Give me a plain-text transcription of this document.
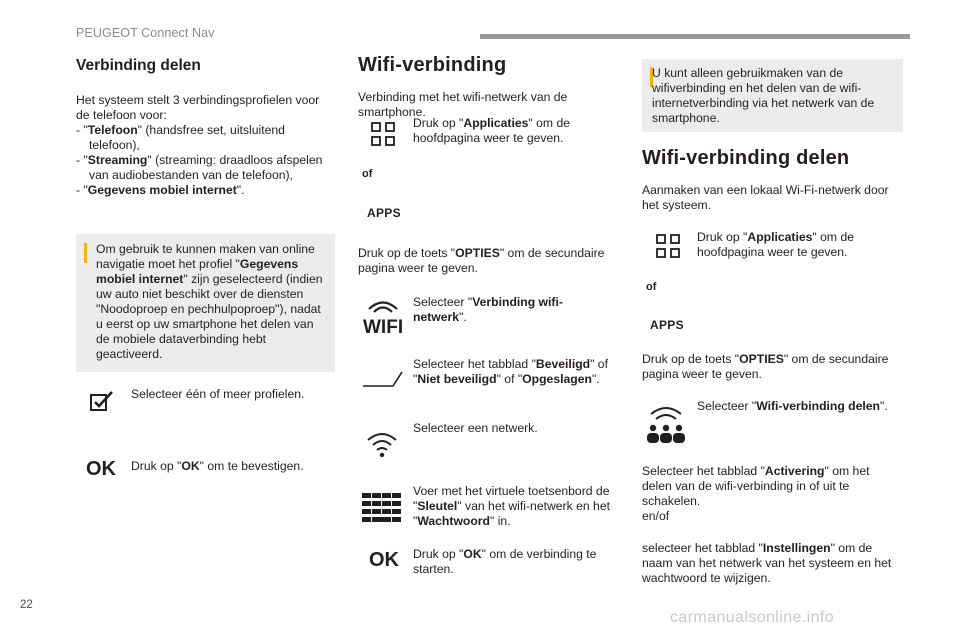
PEUGEOT Connect Nav
Verbinding delen
Het systeem stelt 3 verbindingsprofielen voor de telefoon voor:
- "Telefoon" (handsfree set, uitsluitend telefoon),
- "Streaming" (streaming: draadloos afspelen van audiobestanden van de telefoon),
- "Gegevens mobiel internet".
Om gebruik te kunnen maken van online navigatie moet het profiel "Gegevens mobiel internet" zijn geselecteerd (indien uw auto niet beschikt over de diensten "Noodoproep en pechhulpoproep"), nadat u eerst op uw smartphone het delen van de mobiele dataverbinding hebt geactiveerd.
Selecteer één of meer profielen.
OK Druk op "OK" om te bevestigen.
Wifi-verbinding
Verbinding met het wifi-netwerk van de smartphone.
Druk op "Applicaties" om de hoofdpagina weer te geven.
of
APPS
Druk op de toets "OPTIES" om de secundaire pagina weer te geven.
WIFI
Selecteer "Verbinding wifi-netwerk".
Selecteer het tabblad "Beveiligd" of "Niet beveiligd" of "Opgeslagen".
Selecteer een netwerk.
Voer met het virtuele toetsenbord de "Sleutel" van het wifi-netwerk en het "Wachtwoord" in.
OK Druk op "OK" om de verbinding te starten.
U kunt alleen gebruikmaken van de wifiverbinding en het delen van de wifi-internetverbinding via het netwerk van de smartphone.
Wifi-verbinding delen
Aanmaken van een lokaal Wi-Fi-netwerk door het systeem.
Druk op "Applicaties" om de hoofdpagina weer te geven.
of
APPS
Druk op de toets "OPTIES" om de secundaire pagina weer te geven.
Selecteer "Wifi-verbinding delen".
Selecteer het tabblad "Activering" om het delen van de wifi-verbinding in of uit te schakelen.
en/of
selecteer het tabblad "Instellingen" om de naam van het netwerk van het systeem en het wachtwoord te wijzigen.
22
carmanualsonline.info
